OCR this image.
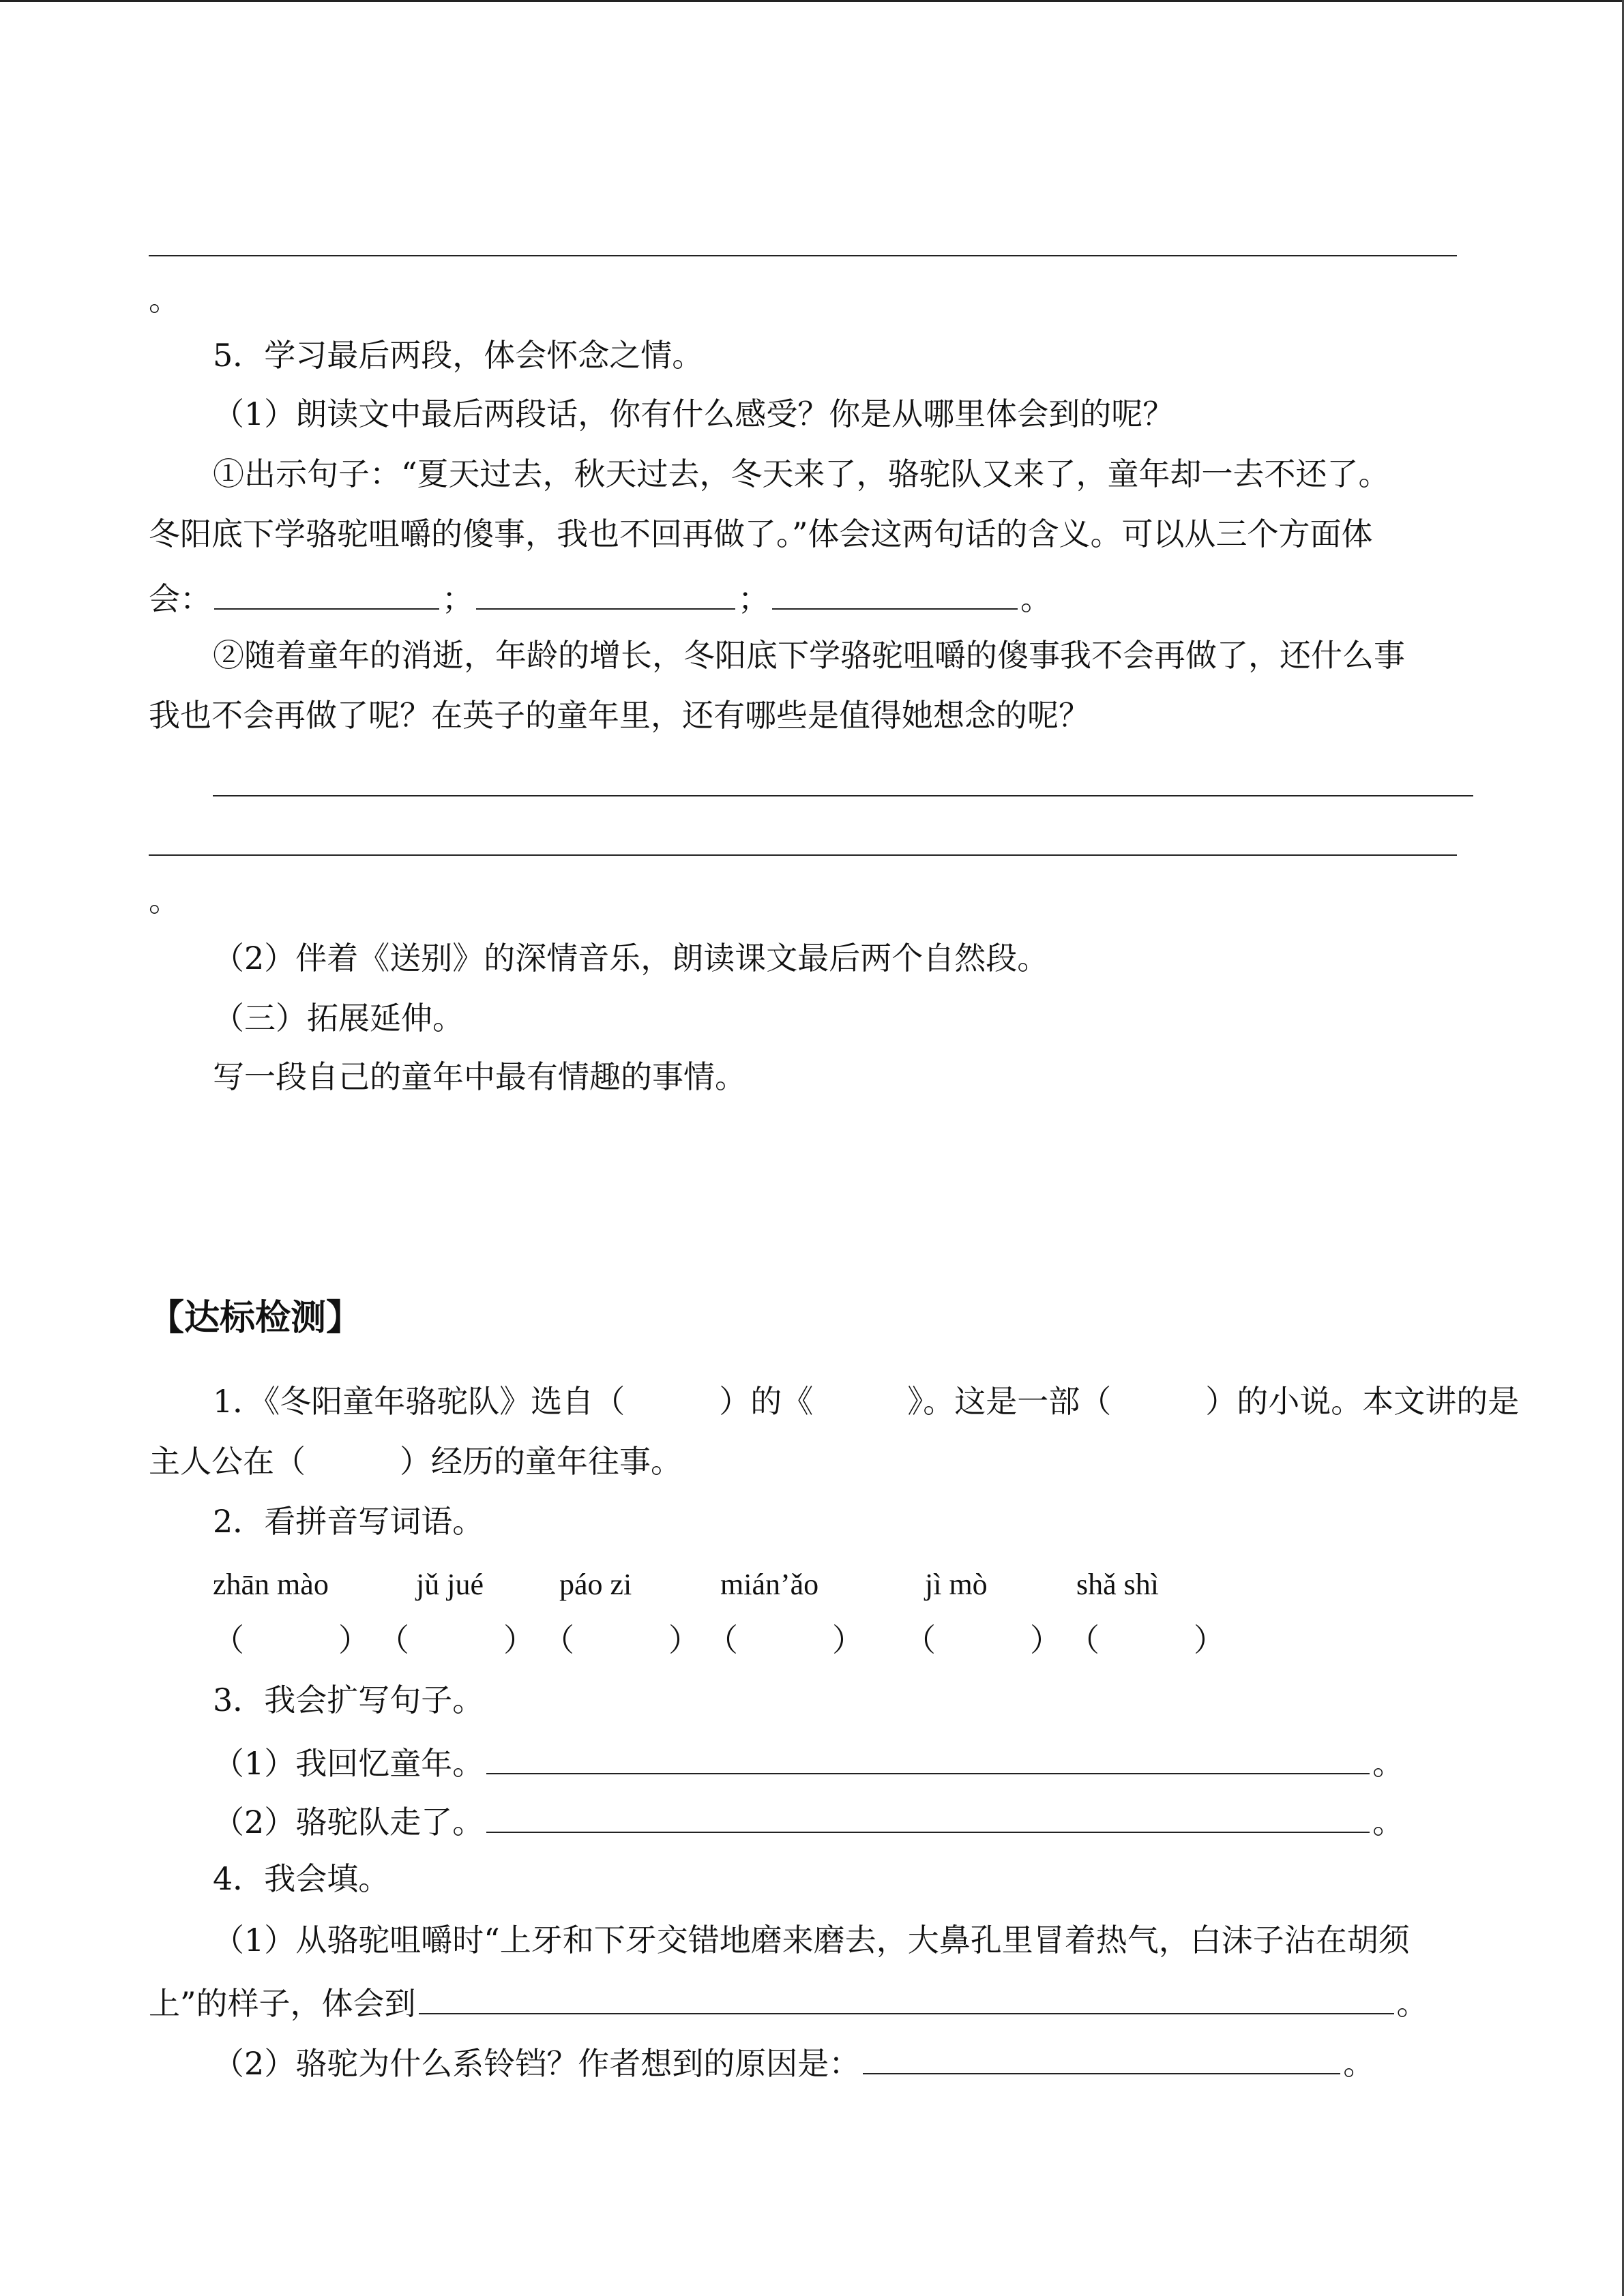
。
5．学习最后两段，体会怀念之情。
（1）朗读文中最后两段话，你有什么感受？你是从哪里体会到的呢？
①出示句子：“夏天过去，秋天过去，冬天来了，骆驼队又来了，童年却一去不还了。
冬阳底下学骆驼咀嚼的傻事，我也不回再做了。”体会这两句话的含义。可以从三个方面体
会：	；	；	。
②随着童年的消逝，年龄的增长，冬阳底下学骆驼咀嚼的傻事我不会再做了，还什么事
我也不会再做了呢？在英子的童年里，还有哪些是值得她想念的呢？
。
（2）伴着《送别》的深情音乐，朗读课文最后两个自然段。
（三）拓展延伸。
写一段自己的童年中最有情趣的事情。
【达标检测】
1．《冬阳童年骆驼队》选自（　　　）的《　　　》。这是一部（　　　）的小说。本文讲的是
主人公在（　　　）经历的童年往事。
2．看拼音写词语。
zhān mào	jǔ jué	páo zi	mián’ǎo	jì mò	shǎ shì
（　　　） （　　　） （　　　） （　　　） （　　　） （　　　）
3．我会扩写句子。
（1）我回忆童年。	。
（2）骆驼队走了。	。
4．我会填。
（1）从骆驼咀嚼时“上牙和下牙交错地磨来磨去，大鼻孔里冒着热气，白沫子沾在胡须
上”的样子，体会到	。
（2）骆驼为什么系铃铛？作者想到的原因是：	。
